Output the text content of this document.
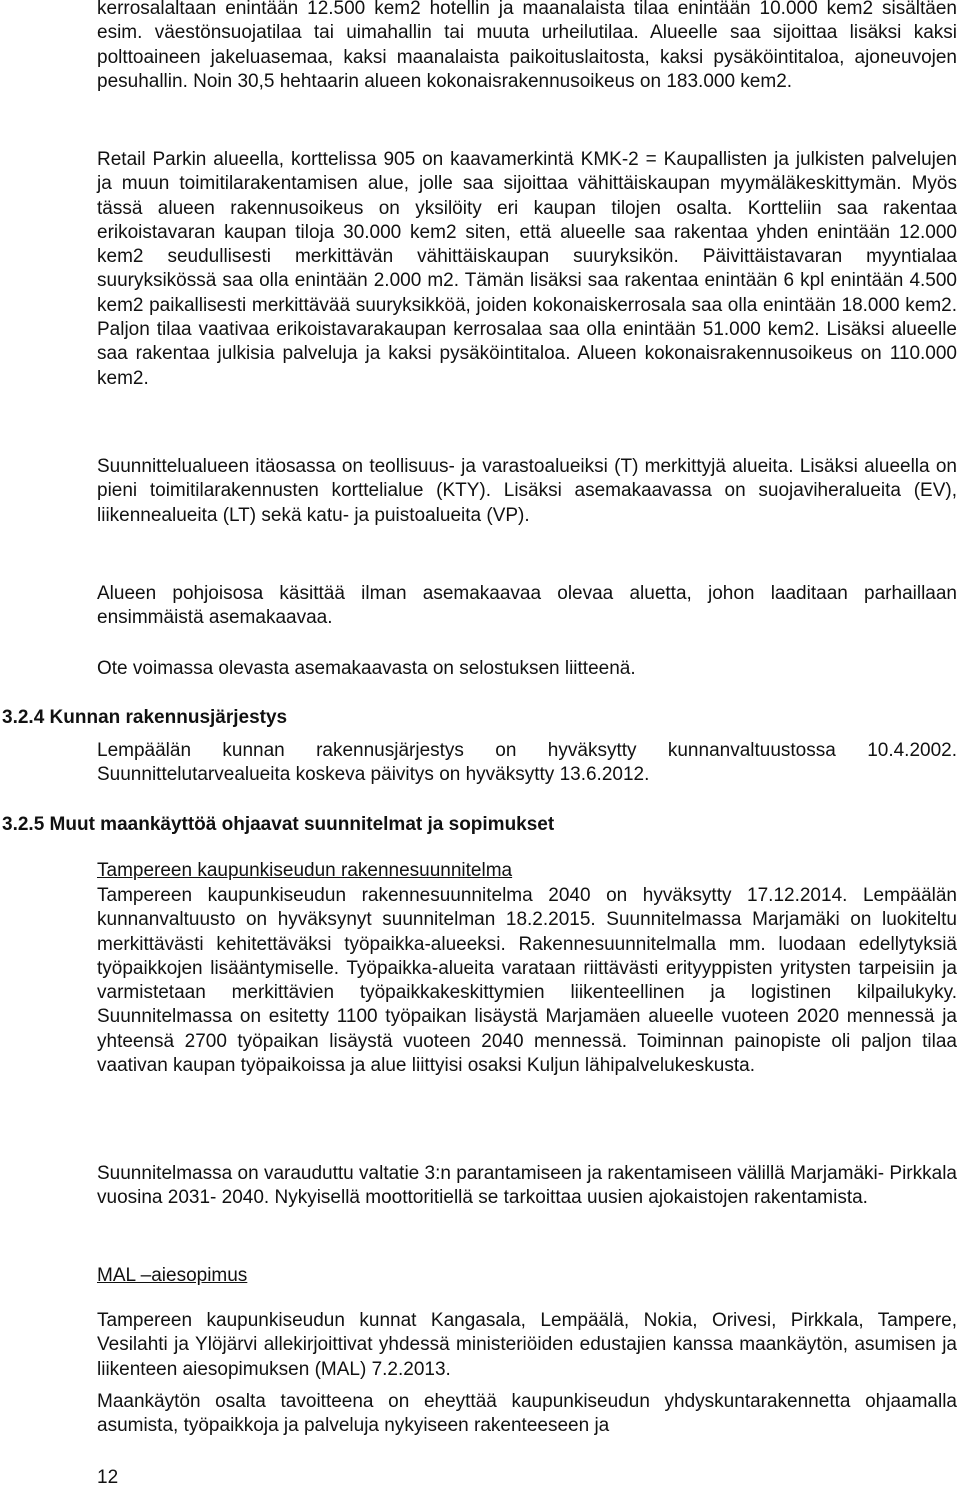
kerrosalaltaan enintään 12.500 kem2 hotellin ja maanalaista tilaa enintään 10.000 kem2 sisältäen esim. väestönsuojatilaa tai uimahallin tai muuta urheilutilaa. Alueelle saa sijoittaa lisäksi kaksi polttoaineen jakeluasemaa, kaksi maanalaista paikoituslaitosta, kaksi pysäköintitaloa, ajoneuvojen pesuhallin. Noin 30,5 hehtaarin alueen kokonaisrakennusoikeus on 183.000 kem2.

Retail Parkin alueella, korttelissa 905 on kaavamerkintä KMK-2 = Kaupallisten ja julkisten palvelujen ja muun toimitilarakentamisen alue, jolle saa sijoittaa vähittäiskaupan myymäläkeskittymän. Myös tässä alueen rakennusoikeus on yksilöity eri kaupan tilojen osalta. Kortteliin saa rakentaa erikoistavaran kaupan tiloja 30.000 kem2 siten, että alueelle saa rakentaa yhden enintään 12.000 kem2 seudullisesti merkittävän vähittäiskaupan suuryksikön. Päivittäistavaran myyntialaa suuryksikössä saa olla enintään 2.000 m2. Tämän lisäksi saa rakentaa enintään 6 kpl enintään 4.500 kem2 paikallisesti merkittävää suuryksikköä, joiden kokonaiskerrosala saa olla enintään 18.000 kem2. Paljon tilaa vaativaa erikoistavarakaupan kerrosalaa saa olla enintään 51.000 kem2. Lisäksi alueelle saa rakentaa julkisia palveluja ja kaksi pysäköintitaloa. Alueen kokonaisrakennusoikeus on 110.000 kem2.

Suunnittelualueen itäosassa on teollisuus- ja varastoalueiksi (T) merkittyjä alueita. Lisäksi alueella on pieni toimitilarakennusten korttelialue (KTY). Lisäksi asemakaavassa on suojaviheralueita (EV), liikennealueita (LT) sekä katu- ja puistoalueita (VP).

Alueen pohjoisosa käsittää ilman asemakaavaa olevaa aluetta, johon laaditaan parhaillaan ensimmäistä asemakaavaa.

Ote voimassa olevasta asemakaavasta on selostuksen liitteenä.

3.2.4 Kunnan rakennusjärjestys

Lempäälän kunnan rakennusjärjestys on hyväksytty kunnanvaltuustossa 10.4.2002. Suunnittelutarvealueita koskeva päivitys on hyväksytty 13.6.2012.

3.2.5 Muut maankäyttöä ohjaavat suunnitelmat ja sopimukset

Tampereen kaupunkiseudun rakennesuunnitelma

Tampereen kaupunkiseudun rakennesuunnitelma 2040 on hyväksytty 17.12.2014. Lempäälän kunnanvaltuusto on hyväksynyt suunnitelman 18.2.2015. Suunnitelmassa Marjamäki on luokiteltu merkittävästi kehitettäväksi työpaikka-alueeksi. Rakennesuunnitelmalla mm. luodaan edellytyksiä työpaikkojen lisääntymiselle. Työpaikka-alueita varataan riittävästi erityyppisten yritysten tarpeisiin ja varmistetaan merkittävien työpaikkakeskittymien liikenteellinen ja logistinen kilpailukyky. Suunnitelmassa on esitetty 1100 työpaikan lisäystä Marjamäen alueelle vuoteen 2020 mennessä ja yhteensä 2700 työpaikan lisäystä vuoteen 2040 mennessä. Toiminnan painopiste oli paljon tilaa vaativan kaupan työpaikoissa ja alue liittyisi osaksi Kuljun lähipalvelukeskusta.

Suunnitelmassa on varauduttu valtatie 3:n parantamiseen ja rakentamiseen välillä Marjamäki- Pirkkala vuosina 2031- 2040. Nykyisellä moottoritiellä se tarkoittaa uusien ajokaistojen rakentamista.

MAL –aiesopimus

Tampereen kaupunkiseudun kunnat Kangasala, Lempäälä, Nokia, Orivesi, Pirkkala, Tampere, Vesilahti ja Ylöjärvi allekirjoittivat yhdessä ministeriöiden edustajien kanssa maankäytön, asumisen ja liikenteen aiesopimuksen (MAL) 7.2.2013.

Maankäytön osalta tavoitteena on eheyttää kaupunkiseudun yhdyskuntarakennetta ohjaamalla asumista, työpaikkoja ja palveluja nykyiseen rakenteeseen ja

12
